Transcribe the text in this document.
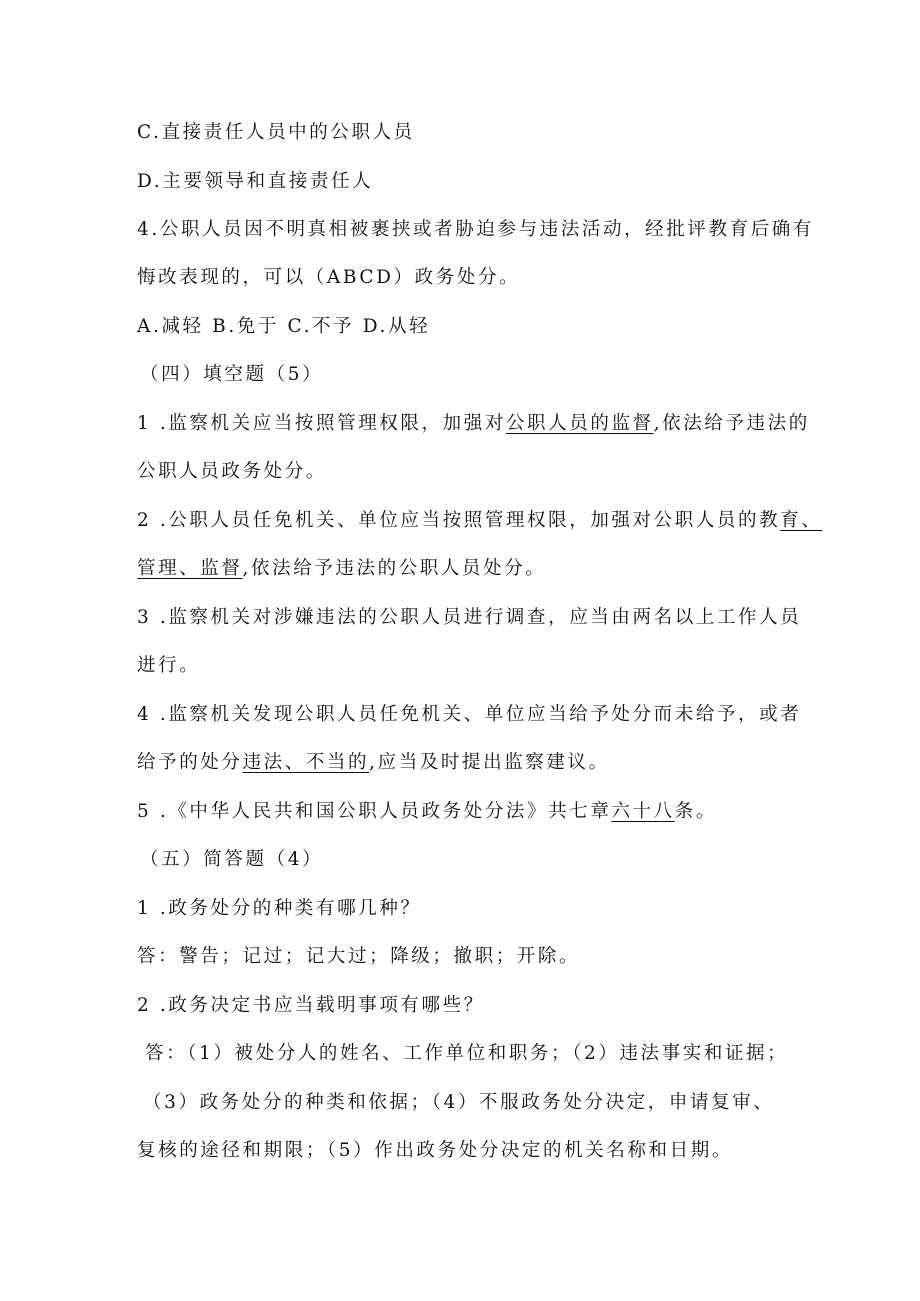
C.直接责任人员中的公职人员
D.主要领导和直接责任人
4.公职人员因不明真相被裹挟或者胁迫参与违法活动，经批评教育后确有
悔改表现的，可以（ABCD）政务处分。
A.减轻 B.免于 C.不予 D.从轻
（四）填空题（5）
1 .监察机关应当按照管理权限，加强对公职人员的监督,依法给予违法的
公职人员政务处分。
2 .公职人员任免机关、单位应当按照管理权限，加强对公职人员的教育、
管理、监督,依法给予违法的公职人员处分。
3 .监察机关对涉嫌违法的公职人员进行调查，应当由两名以上工作人员
进行。
4 .监察机关发现公职人员任免机关、单位应当给予处分而未给予，或者
给予的处分违法、不当的,应当及时提出监察建议。
5 .《中华人民共和国公职人员政务处分法》共七章六十八条。
（五）简答题（4）
1 .政务处分的种类有哪几种？
答：警告；记过；记大过；降级；撤职；开除。
2 .政务决定书应当载明事项有哪些？
答：（1）被处分人的姓名、工作单位和职务；（2）违法事实和证据；
（3）政务处分的种类和依据；（4）不服政务处分决定，申请复审、
复核的途径和期限；（5）作出政务处分决定的机关名称和日期。
